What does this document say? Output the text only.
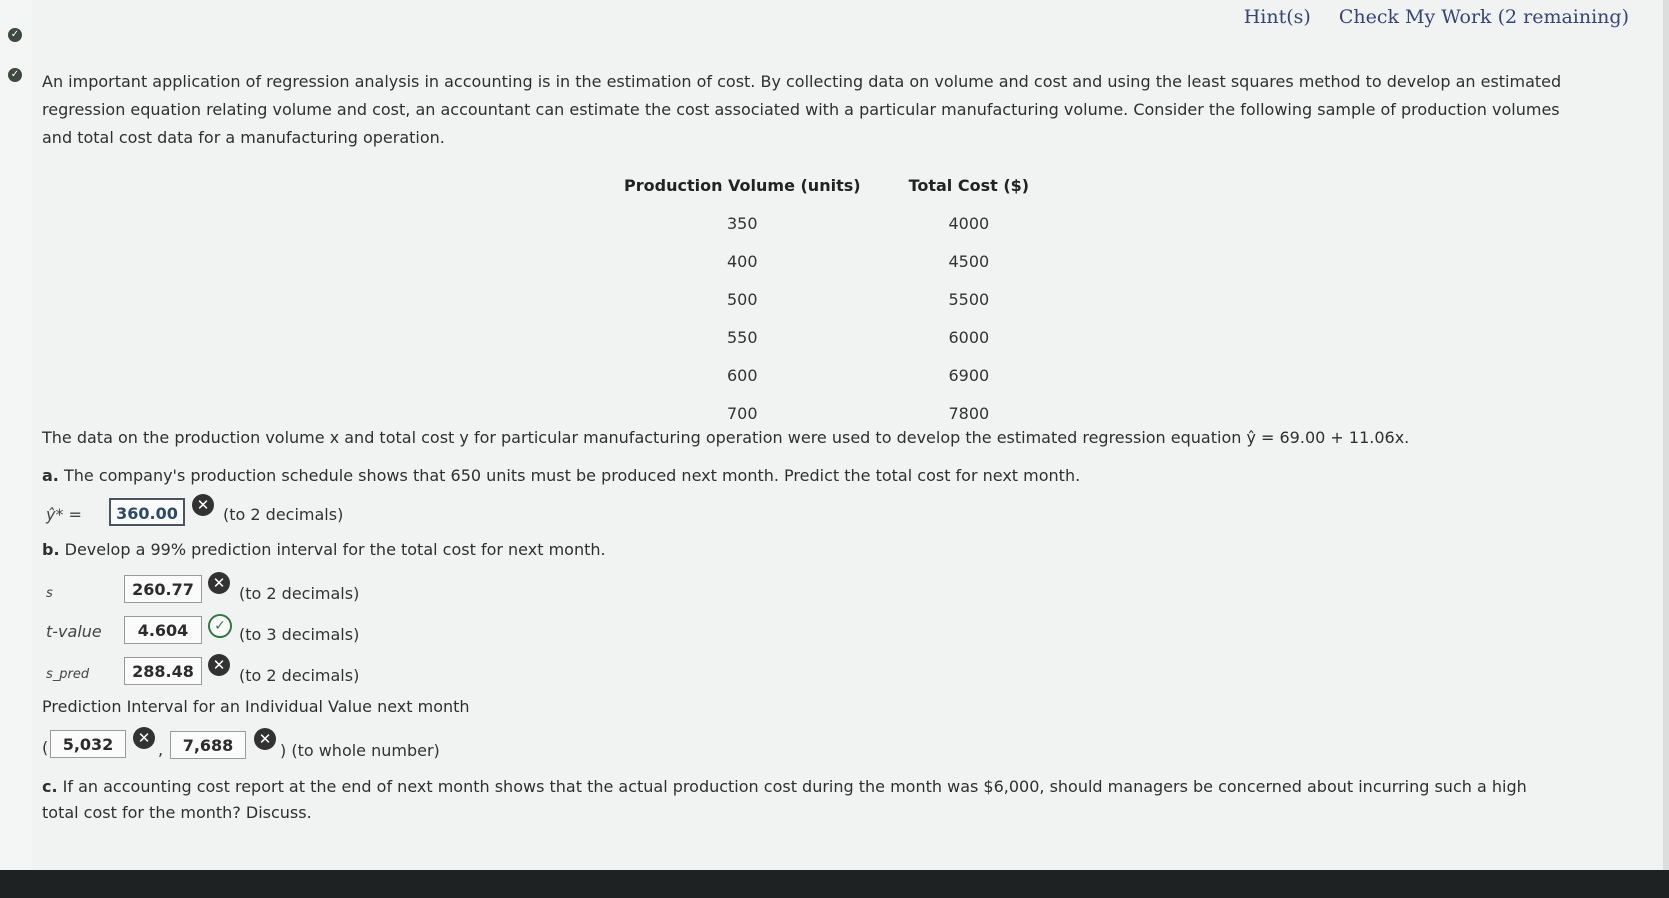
✓
✓
Hint(s) Check My Work (2 remaining)
An important application of regression analysis in accounting is in the estimation of cost. By collecting data on volume and cost and using the least squares method to develop an estimated regression equation relating volume and cost, an accountant can estimate the cost associated with a particular manufacturing volume. Consider the following sample of production volumes and total cost data for a manufacturing operation.
Production Volume (units)	Total Cost ($)
350	4000
400	4500
500	5500
550	6000
600	6900
700	7800
The data on the production volume x and total cost y for particular manufacturing operation were used to develop the estimated regression equation ŷ = 69.00 + 11.06x.
a. The company's production schedule shows that 650 units must be produced next month. Predict the total cost for next month.
ŷ* =	360.00	✕ (to 2 decimals)
b. Develop a 99% prediction interval for the total cost for next month.
s	260.77	✕
(to 2 decimals)
t-value	4.604	✓ (to 3 decimals)
s_pred	288.48	✕
(to 2 decimals)
Prediction Interval for an Individual Value next month
( 5,032	✕
,	7,688	✕
) (to whole number)
c. If an accounting cost report at the end of next month shows that the actual production cost during the month was $6,000, should managers be concerned about incurring such a high total cost for the month? Discuss.
